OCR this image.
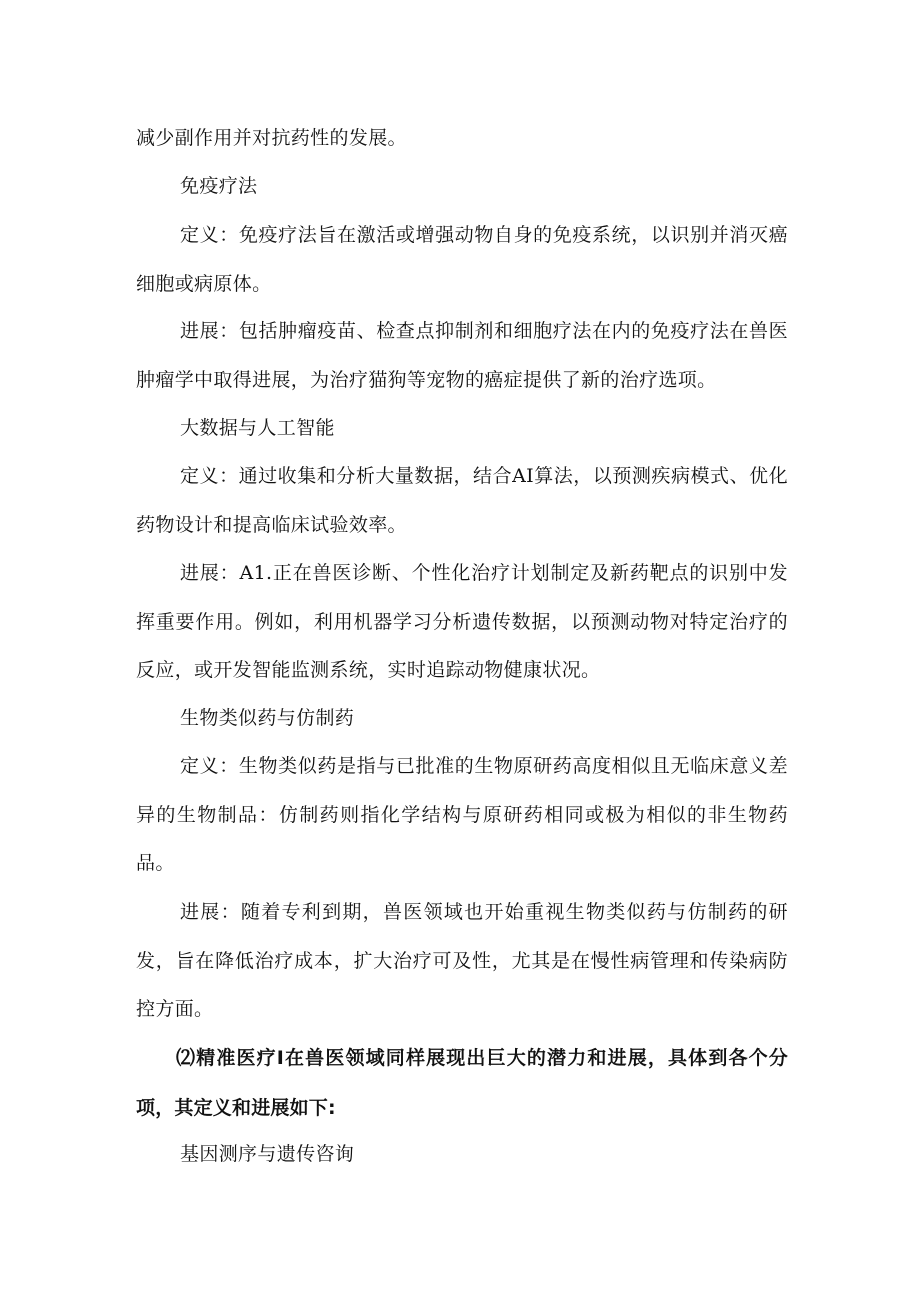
减少副作用并对抗药性的发展。

免疫疗法

定义：免疫疗法旨在激活或增强动物自身的免疫系统，以识别并消灭癌细胞或病原体。

进展：包括肿瘤疫苗、检查点抑制剂和细胞疗法在内的免疫疗法在兽医肿瘤学中取得进展，为治疗猫狗等宠物的癌症提供了新的治疗选项。

大数据与人工智能

定义：通过收集和分析大量数据，结合AI算法，以预测疾病模式、优化药物设计和提高临床试验效率。

进展：A1.正在兽医诊断、个性化治疗计划制定及新药靶点的识别中发挥重要作用。例如，利用机器学习分析遗传数据，以预测动物对特定治疗的反应，或开发智能监测系统，实时追踪动物健康状况。

生物类似药与仿制药

定义：生物类似药是指与已批准的生物原研药高度相似且无临床意义差异的生物制品：仿制药则指化学结构与原研药相同或极为相似的非生物药品。

进展：随着专利到期，兽医领域也开始重视生物类似药与仿制药的研发，旨在降低治疗成本，扩大治疗可及性，尤其是在慢性病管理和传染病防控方面。

⑵精准医疗I在兽医领域同样展现出巨大的潜力和进展，具体到各个分项，其定义和进展如下:

基因测序与遗传咨询
